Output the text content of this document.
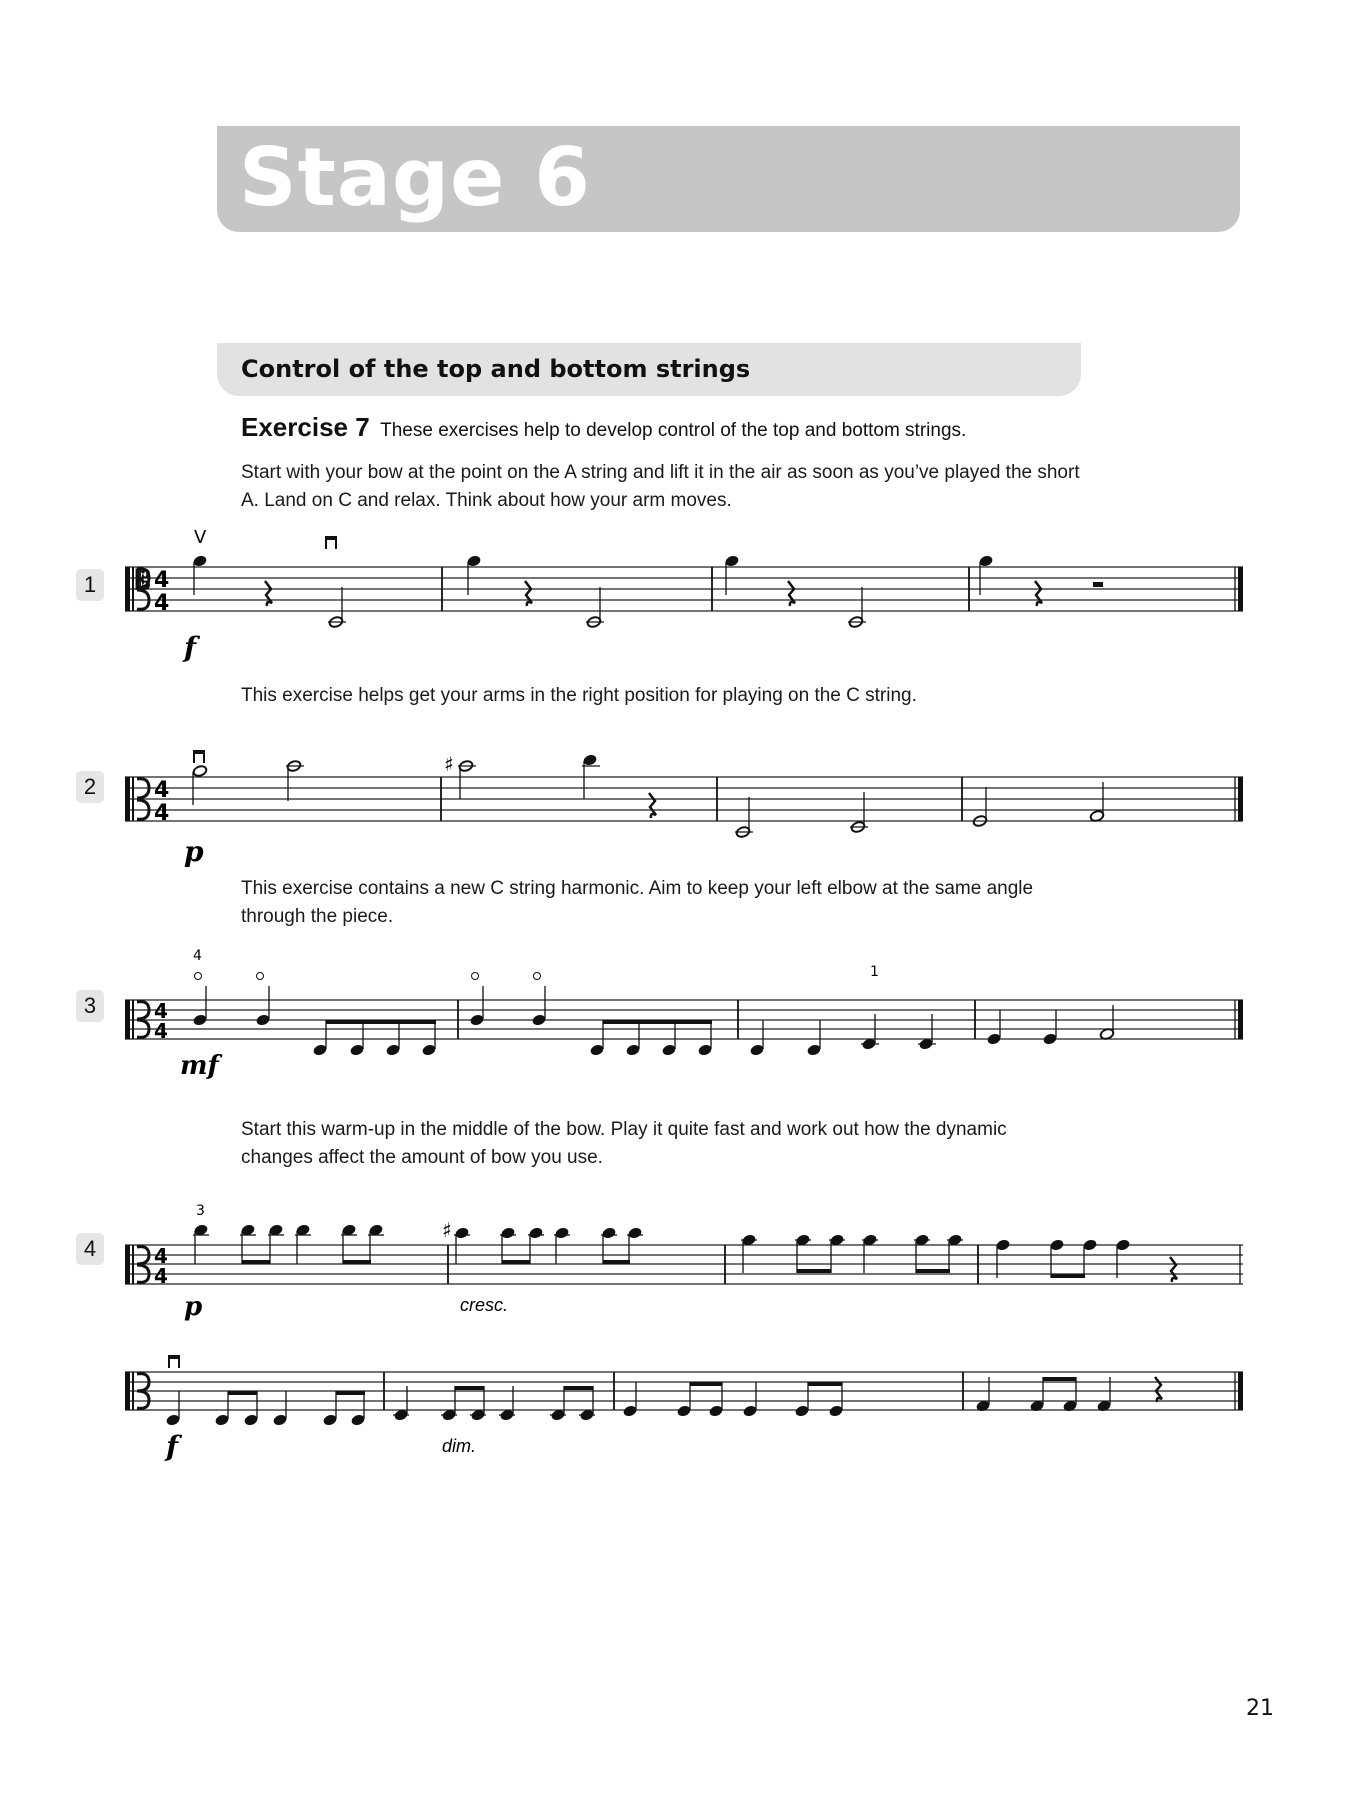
Stage 6
Control of the top and bottom strings
Exercise 7 These exercises help to develop control of the top and bottom strings.
Start with your bow at the point on the A string and lift it in the air as soon as you’ve played the short A. Land on C and relax. Think about how your arm moves.
This exercise helps get your arms in the right position for playing on the C string.
This exercise contains a new C string harmonic. Aim to keep your left elbow at the same angle through the piece.
Start this warm-up in the middle of the bow. Play it quite fast and work out how the dynamic changes affect the amount of bow you use.
1
2
3
4
𝄡 4
4
V
f
4
4
♯
p
4
4
4
1
mf
4
4
3
♯
p	cresc.
f	dim.
21
